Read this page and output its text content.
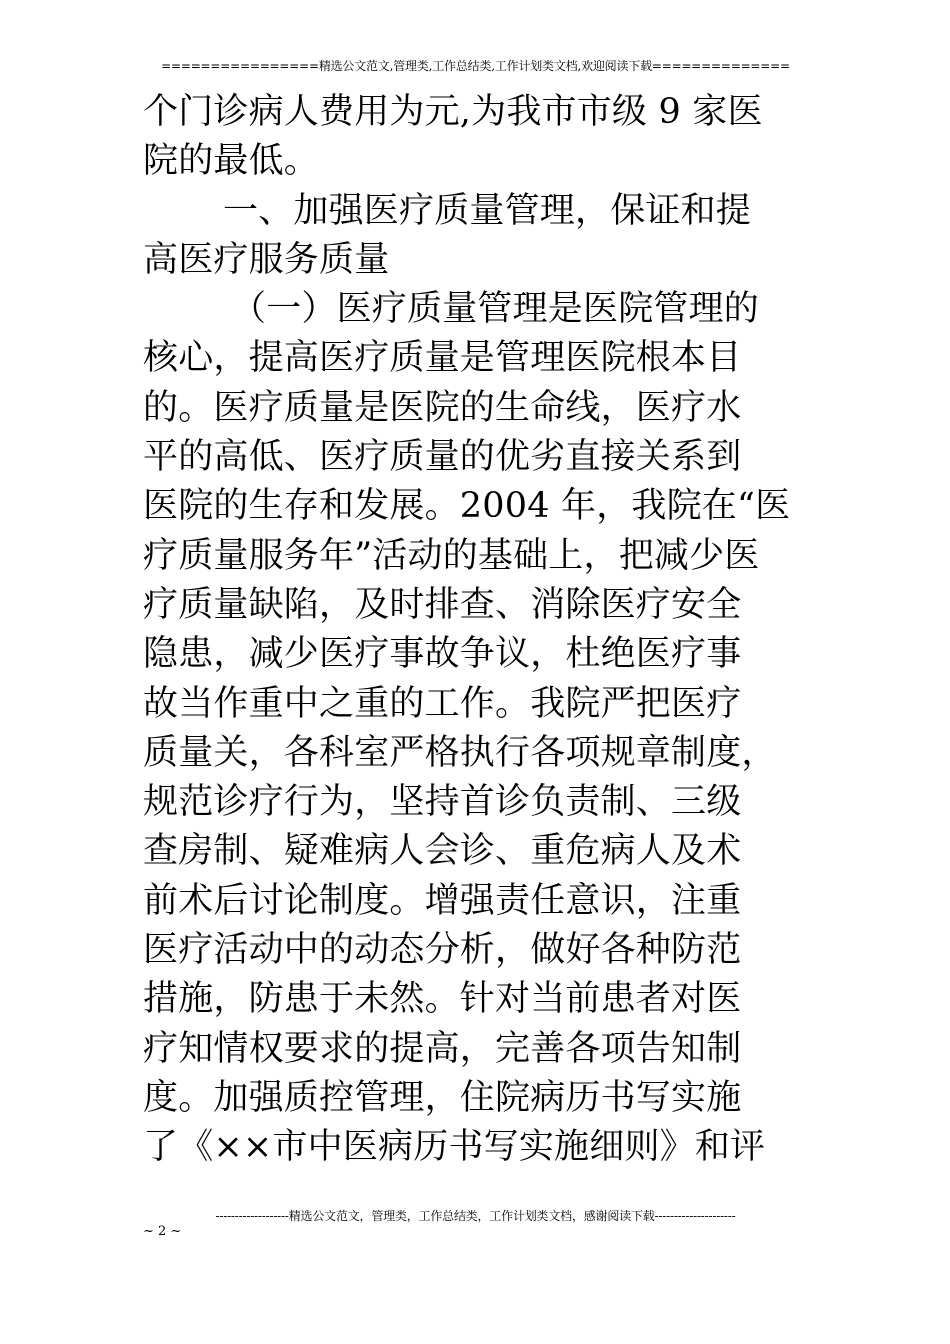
================精选公文范文,管理类,工作总结类,工作计划类文档,欢迎阅读下载==============
个门诊病人费用为元,为我市市级 9 家医
院的最低。
一、加强医疗质量管理，保证和提
高医疗服务质量
（一）医疗质量管理是医院管理的
核心，提高医疗质量是管理医院根本目
的。医疗质量是医院的生命线，医疗水
平的高低、医疗质量的优劣直接关系到
医院的生存和发展。2004 年，我院在“医
疗质量服务年”活动的基础上，把减少医
疗质量缺陷，及时排查、消除医疗安全
隐患，减少医疗事故争议，杜绝医疗事
故当作重中之重的工作。我院严把医疗
质量关，各科室严格执行各项规章制度，
规范诊疗行为，坚持首诊负责制、三级
查房制、疑难病人会诊、重危病人及术
前术后讨论制度。增强责任意识，注重
医疗活动中的动态分析，做好各种防范
措施，防患于未然。针对当前患者对医
疗知情权要求的提高，完善各项告知制
度。加强质控管理，住院病历书写实施
了《××市中医病历书写实施细则》和评
-------------------精选公文范文，管理类，工作总结类，工作计划类文档，感谢阅读下载---------------------
~ 2 ~
